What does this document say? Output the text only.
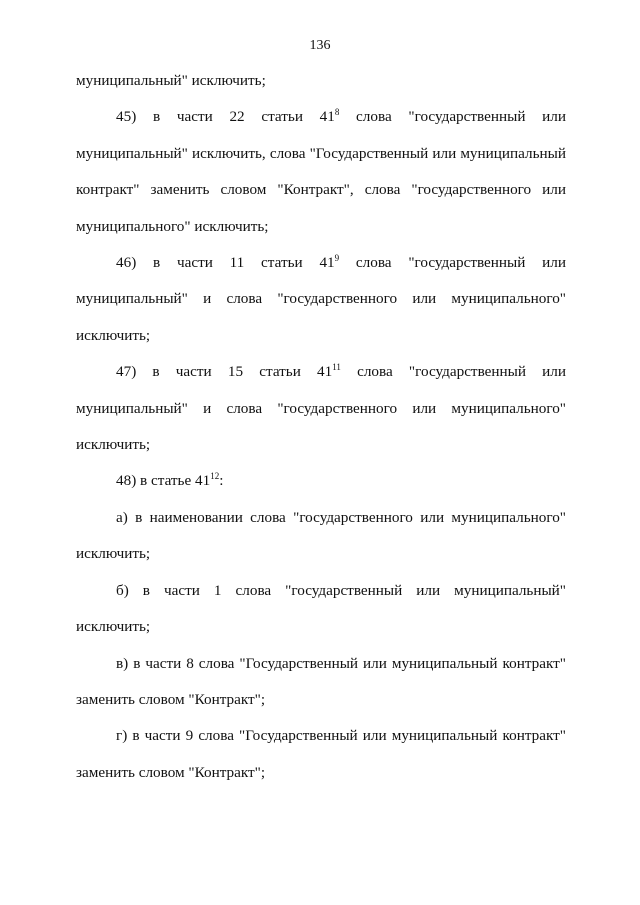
136

муниципальный" исключить;

45) в части 22 статьи $41^8$ слова "государственный или муниципальный" исключить, слова "Государственный или муниципальный контракт" заменить словом "Контракт", слова "государственного или муниципального" исключить;

46) в части 11 статьи $41^9$ слова "государственный или муниципальный" и слова "государственного или муниципального" исключить;

47) в части 15 статьи $41^{11}$ слова "государственный или муниципальный" и слова "государственного или муниципального" исключить;

48) в статье $41^{12}$:

а) в наименовании слова "государственного или муниципального" исключить;

б) в части 1 слова "государственный или муниципальный" исключить;

в) в части 8 слова "Государственный или муниципальный контракт" заменить словом "Контракт";

г) в части 9 слова "Государственный или муниципальный контракт" заменить словом "Контракт";
